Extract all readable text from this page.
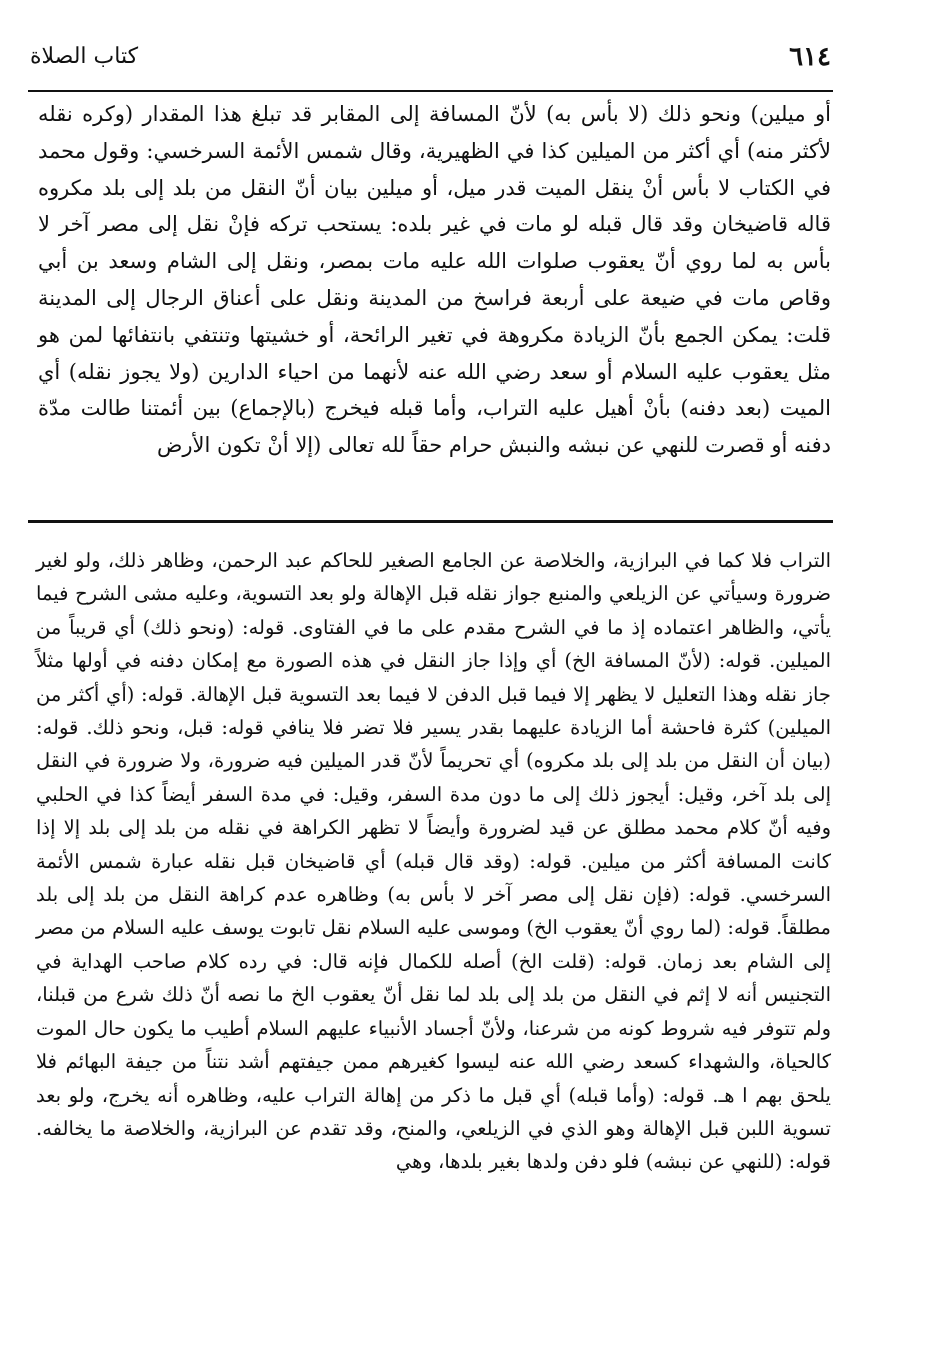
٦١٤
كتاب الصلاة

أو ميلين) ونحو ذلك (لا بأس به) لأنّ المسافة إلى المقابر قد تبلغ هذا المقدار (وكره نقله لأكثر منه) أي أكثر من الميلين كذا في الظهيرية، وقال شمس الأئمة السرخسي: وقول محمد في الكتاب لا بأس أنْ ينقل الميت قدر ميل، أو ميلين بيان أنّ النقل من بلد إلى بلد مكروه قاله قاضيخان وقد قال قبله لو مات في غير بلده: يستحب تركه فإنْ نقل إلى مصر آخر لا بأس به لما روي أنّ يعقوب صلوات الله عليه مات بمصر، ونقل إلى الشام وسعد بن أبي وقاص مات في ضيعة على أربعة فراسخ من المدينة ونقل على أعناق الرجال إلى المدينة قلت: يمكن الجمع بأنّ الزيادة مكروهة في تغير الرائحة، أو خشيتها وتنتفي بانتفائها لمن هو مثل يعقوب عليه السلام أو سعد رضي الله عنه لأنهما من احياء الدارين (ولا يجوز نقله) أي الميت (بعد دفنه) بأنْ أهيل عليه التراب، وأما قبله فيخرج (بالإجماع) بين أئمتنا طالت مدّة دفنه أو قصرت للنهي عن نبشه والنبش حرام حقاً لله تعالى (إلا أنْ تكون الأرض

التراب فلا كما في البرازية، والخلاصة عن الجامع الصغير للحاكم عبد الرحمن، وظاهر ذلك، ولو لغير ضرورة وسيأتي عن الزيلعي والمنبع جواز نقله قبل الإهالة ولو بعد التسوية، وعليه مشى الشرح فيما يأتي، والظاهر اعتماده إذ ما في الشرح مقدم على ما في الفتاوى. قوله: (ونحو ذلك) أي قريباً من الميلين. قوله: (لأنّ المسافة الخ) أي وإذا جاز النقل في هذه الصورة مع إمكان دفنه في أولها مثلاً جاز نقله وهذا التعليل لا يظهر إلا فيما قبل الدفن لا فيما بعد التسوية قبل الإهالة. قوله: (أي أكثر من الميلين) كثرة فاحشة أما الزيادة عليهما بقدر يسير فلا تضر فلا ينافي قوله: قبل، ونحو ذلك. قوله: (بيان أن النقل من بلد إلى بلد مكروه) أي تحريماً لأنّ قدر الميلين فيه ضرورة، ولا ضرورة في النقل إلى بلد آخر، وقيل: أيجوز ذلك إلى ما دون مدة السفر، وقيل: في مدة السفر أيضاً كذا في الحلبي وفيه أنّ كلام محمد مطلق عن قيد لضرورة وأيضاً لا تظهر الكراهة في نقله من بلد إلى بلد إلا إذا كانت المسافة أكثر من ميلين. قوله: (وقد قال قبله) أي قاضيخان قبل نقله عبارة شمس الأئمة السرخسي. قوله: (فإن نقل إلى مصر آخر لا بأس به) وظاهره عدم كراهة النقل من بلد إلى بلد مطلقاً. قوله: (لما روي أنّ يعقوب الخ) وموسى عليه السلام نقل تابوت يوسف عليه السلام من مصر إلى الشام بعد زمان. قوله: (قلت الخ) أصله للكمال فإنه قال: في رده كلام صاحب الهداية في التجنيس أنه لا إثم في النقل من بلد إلى بلد لما نقل أنّ يعقوب الخ ما نصه أنّ ذلك شرع من قبلنا، ولم تتوفر فيه شروط كونه من شرعنا، ولأنّ أجساد الأنبياء عليهم السلام أطيب ما يكون حال الموت كالحياة، والشهداء كسعد رضي الله عنه ليسوا كغيرهم ممن جيفتهم أشد نتناً من جيفة البهائم فلا يلحق بهم ا هـ. قوله: (وأما قبله) أي قبل ما ذكر من إهالة التراب عليه، وظاهره أنه يخرج، ولو بعد تسوية اللبن قبل الإهالة وهو الذي في الزيلعي، والمنح، وقد تقدم عن البرازية، والخلاصة ما يخالفه. قوله: (للنهي عن نبشه) فلو دفن ولدها بغير بلدها، وهي
